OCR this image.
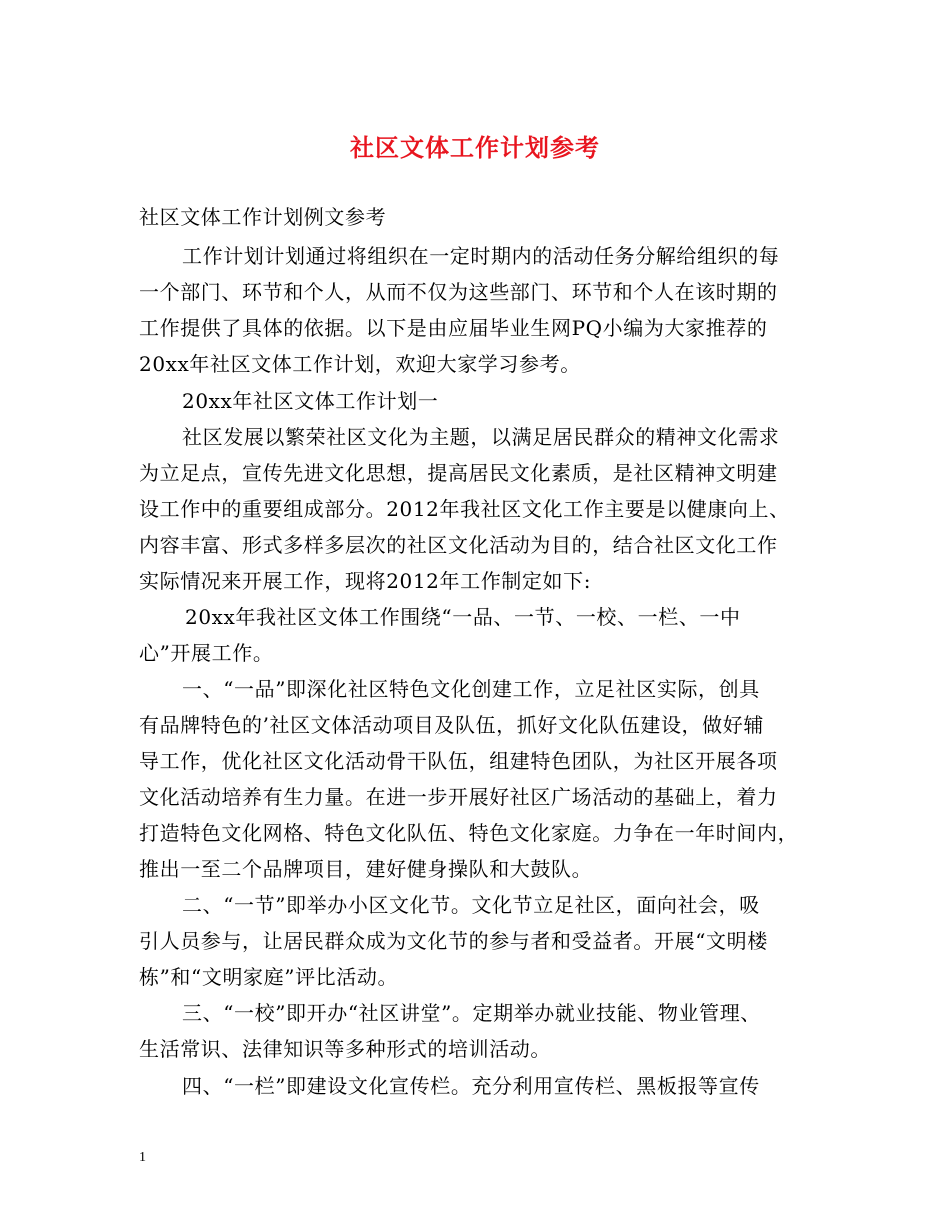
社区文体工作计划参考
社区文体工作计划例文参考
工作计划计划通过将组织在一定时期内的活动任务分解给组织的每
一个部门、环节和个人，从而不仅为这些部门、环节和个人在该时期的
工作提供了具体的依据。以下是由应届毕业生网PQ小编为大家推荐的
20xx年社区文体工作计划，欢迎大家学习参考。
20xx年社区文体工作计划一
社区发展以繁荣社区文化为主题，以满足居民群众的精神文化需求
为立足点，宣传先进文化思想，提高居民文化素质，是社区精神文明建
设工作中的重要组成部分。2012年我社区文化工作主要是以健康向上、
内容丰富、形式多样多层次的社区文化活动为目的，结合社区文化工作
实际情况来开展工作，现将2012年工作制定如下:
20xx年我社区文体工作围绕“一品、一节、一校、一栏、一中
心”开展工作。
一、“一品”即深化社区特色文化创建工作，立足社区实际，创具
有品牌特色的’社区文体活动项目及队伍，抓好文化队伍建设，做好辅
导工作，优化社区文化活动骨干队伍，组建特色团队，为社区开展各项
文化活动培养有生力量。在进一步开展好社区广场活动的基础上，着力
打造特色文化网格、特色文化队伍、特色文化家庭。力争在一年时间内，
推出一至二个品牌项目，建好健身操队和大鼓队。
二、“一节”即举办小区文化节。文化节立足社区，面向社会，吸
引人员参与，让居民群众成为文化节的参与者和受益者。开展“文明楼
栋”和“文明家庭”评比活动。
三、“一校”即开办“社区讲堂”。定期举办就业技能、物业管理、
生活常识、法律知识等多种形式的培训活动。
四、“一栏”即建设文化宣传栏。充分利用宣传栏、黑板报等宣传
1
